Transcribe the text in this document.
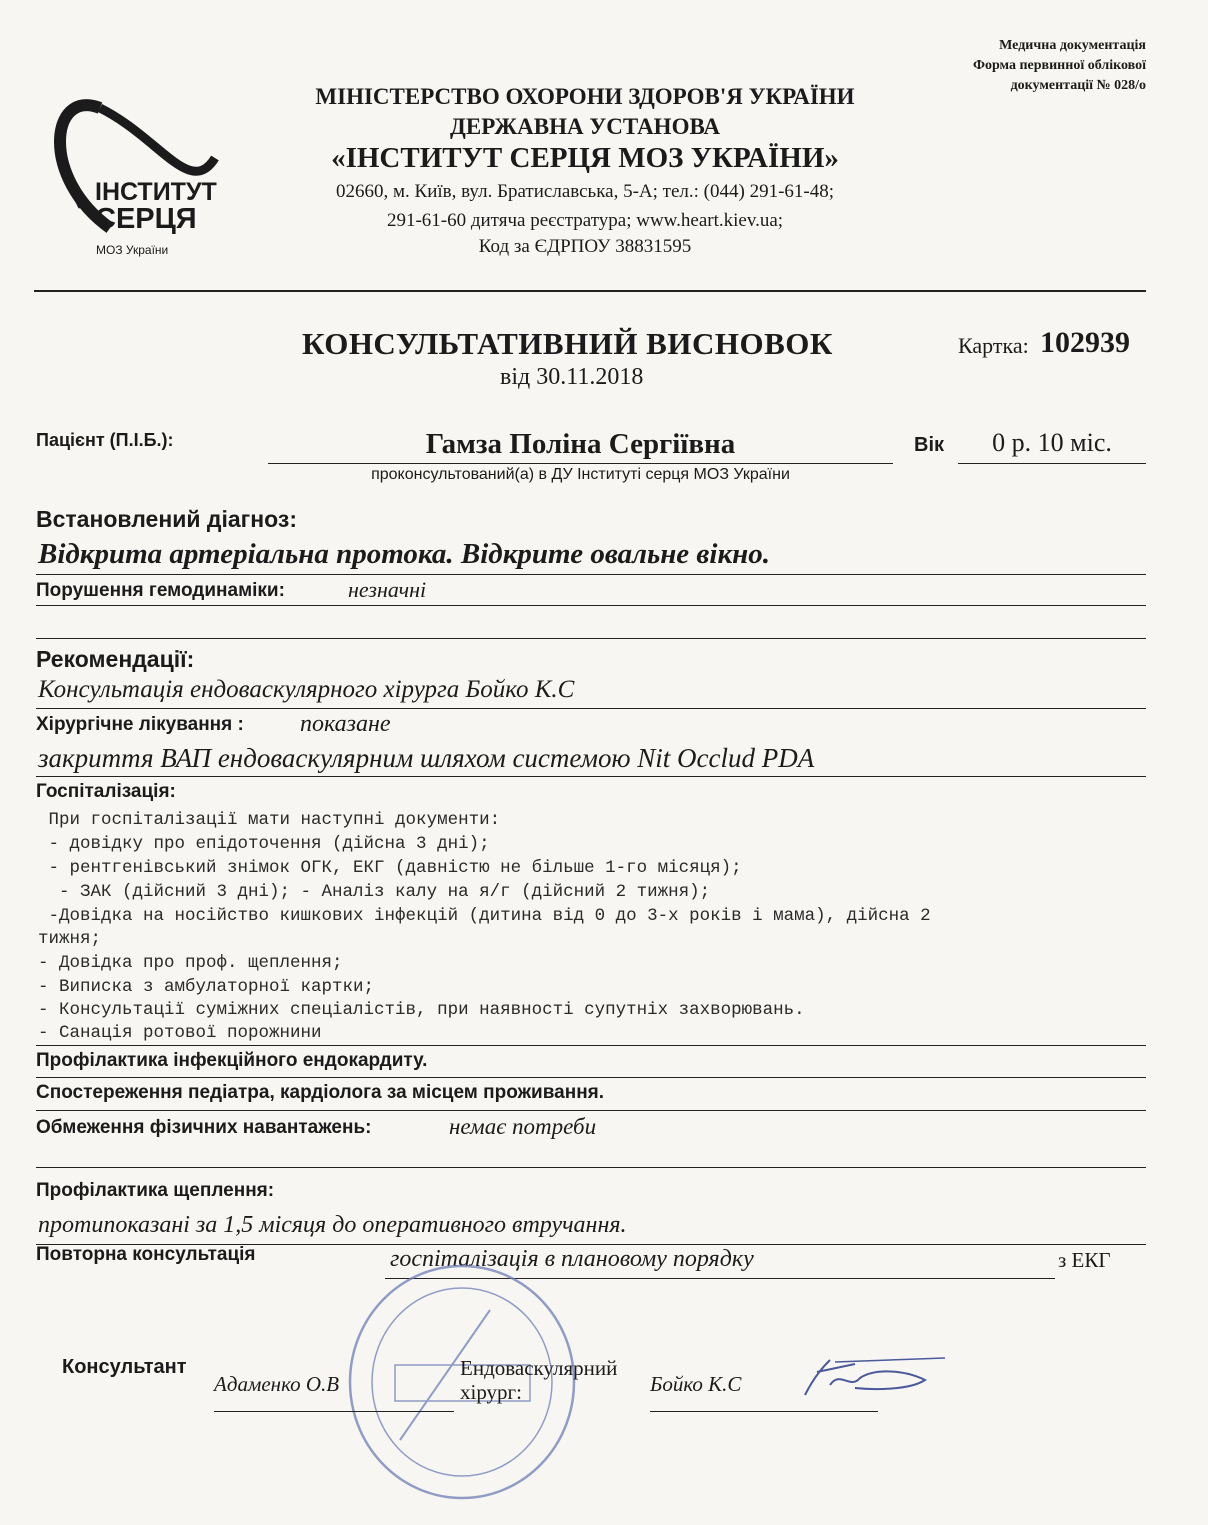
Медична документація
Форма первинної облікової
документації № 028/о
ІНСТИТУТ
СЕРЦЯ
МОЗ України
МІНІСТЕРСТВО ОХОРОНИ ЗДОРОВ'Я УКРАЇНИ
ДЕРЖАВНА УСТАНОВА
«ІНСТИТУТ СЕРЦЯ МОЗ УКРАЇНИ»
02660, м. Київ, вул. Братиславська, 5-А; тел.: (044) 291-61-48;
291-61-60 дитяча реєстратура; www.heart.kiev.ua;
Код за ЄДРПОУ 38831595
КОНСУЛЬТАТИВНИЙ ВИСНОВОК	Картка: 102939
від 30.11.2018
Пацієнт (П.І.Б.):	Гамза Поліна Сергіївна	Вік	0 р. 10 міс.
проконсультований(а) в ДУ Інституті серця МОЗ України
Встановлений діагноз:
Відкрита артеріальна протока. Відкрите овальне вікно.
Порушення гемодинаміки:	незначні
Рекомендації:
Консультація ендоваскулярного хірурга Бойко К.С
Хірургічне лікування : показане
закриття ВАП ендоваскулярним шляхом системою Nit Occlud PDA
Госпіталізація:
При госпіталізації мати наступні документи:
- довідку про епідоточення (дійсна 3 дні);
- рентгенівський знімок ОГК, ЕКГ (давністю не більше 1-го місяця);
- ЗАК (дійсний 3 дні); - Аналіз калу на я/г (дійсний 2 тижня);
-Довідка на носійство кишкових інфекцій (дитина від 0 до 3-х років і мама), дійсна 2
тижня;
- Довідка про проф. щеплення;
- Виписка з амбулаторної картки;
- Консультації суміжних спеціалістів, при наявності супутніх захворювань.
- Санація ротової порожнини
Профілактика інфекційного ендокардиту.
Спостереження педіатра, кардіолога за місцем проживання.
Обмеження фізичних навантажень:	немає потреби
Профілактика щеплення:
протипоказані за 1,5 місяця до оперативного втручання.
Повторна консультація	госпіталізація в плановому порядку	з ЕКГ
Консультант
Адаменко О.В
Ендоваскулярний
хірург:	Бойко К.С
